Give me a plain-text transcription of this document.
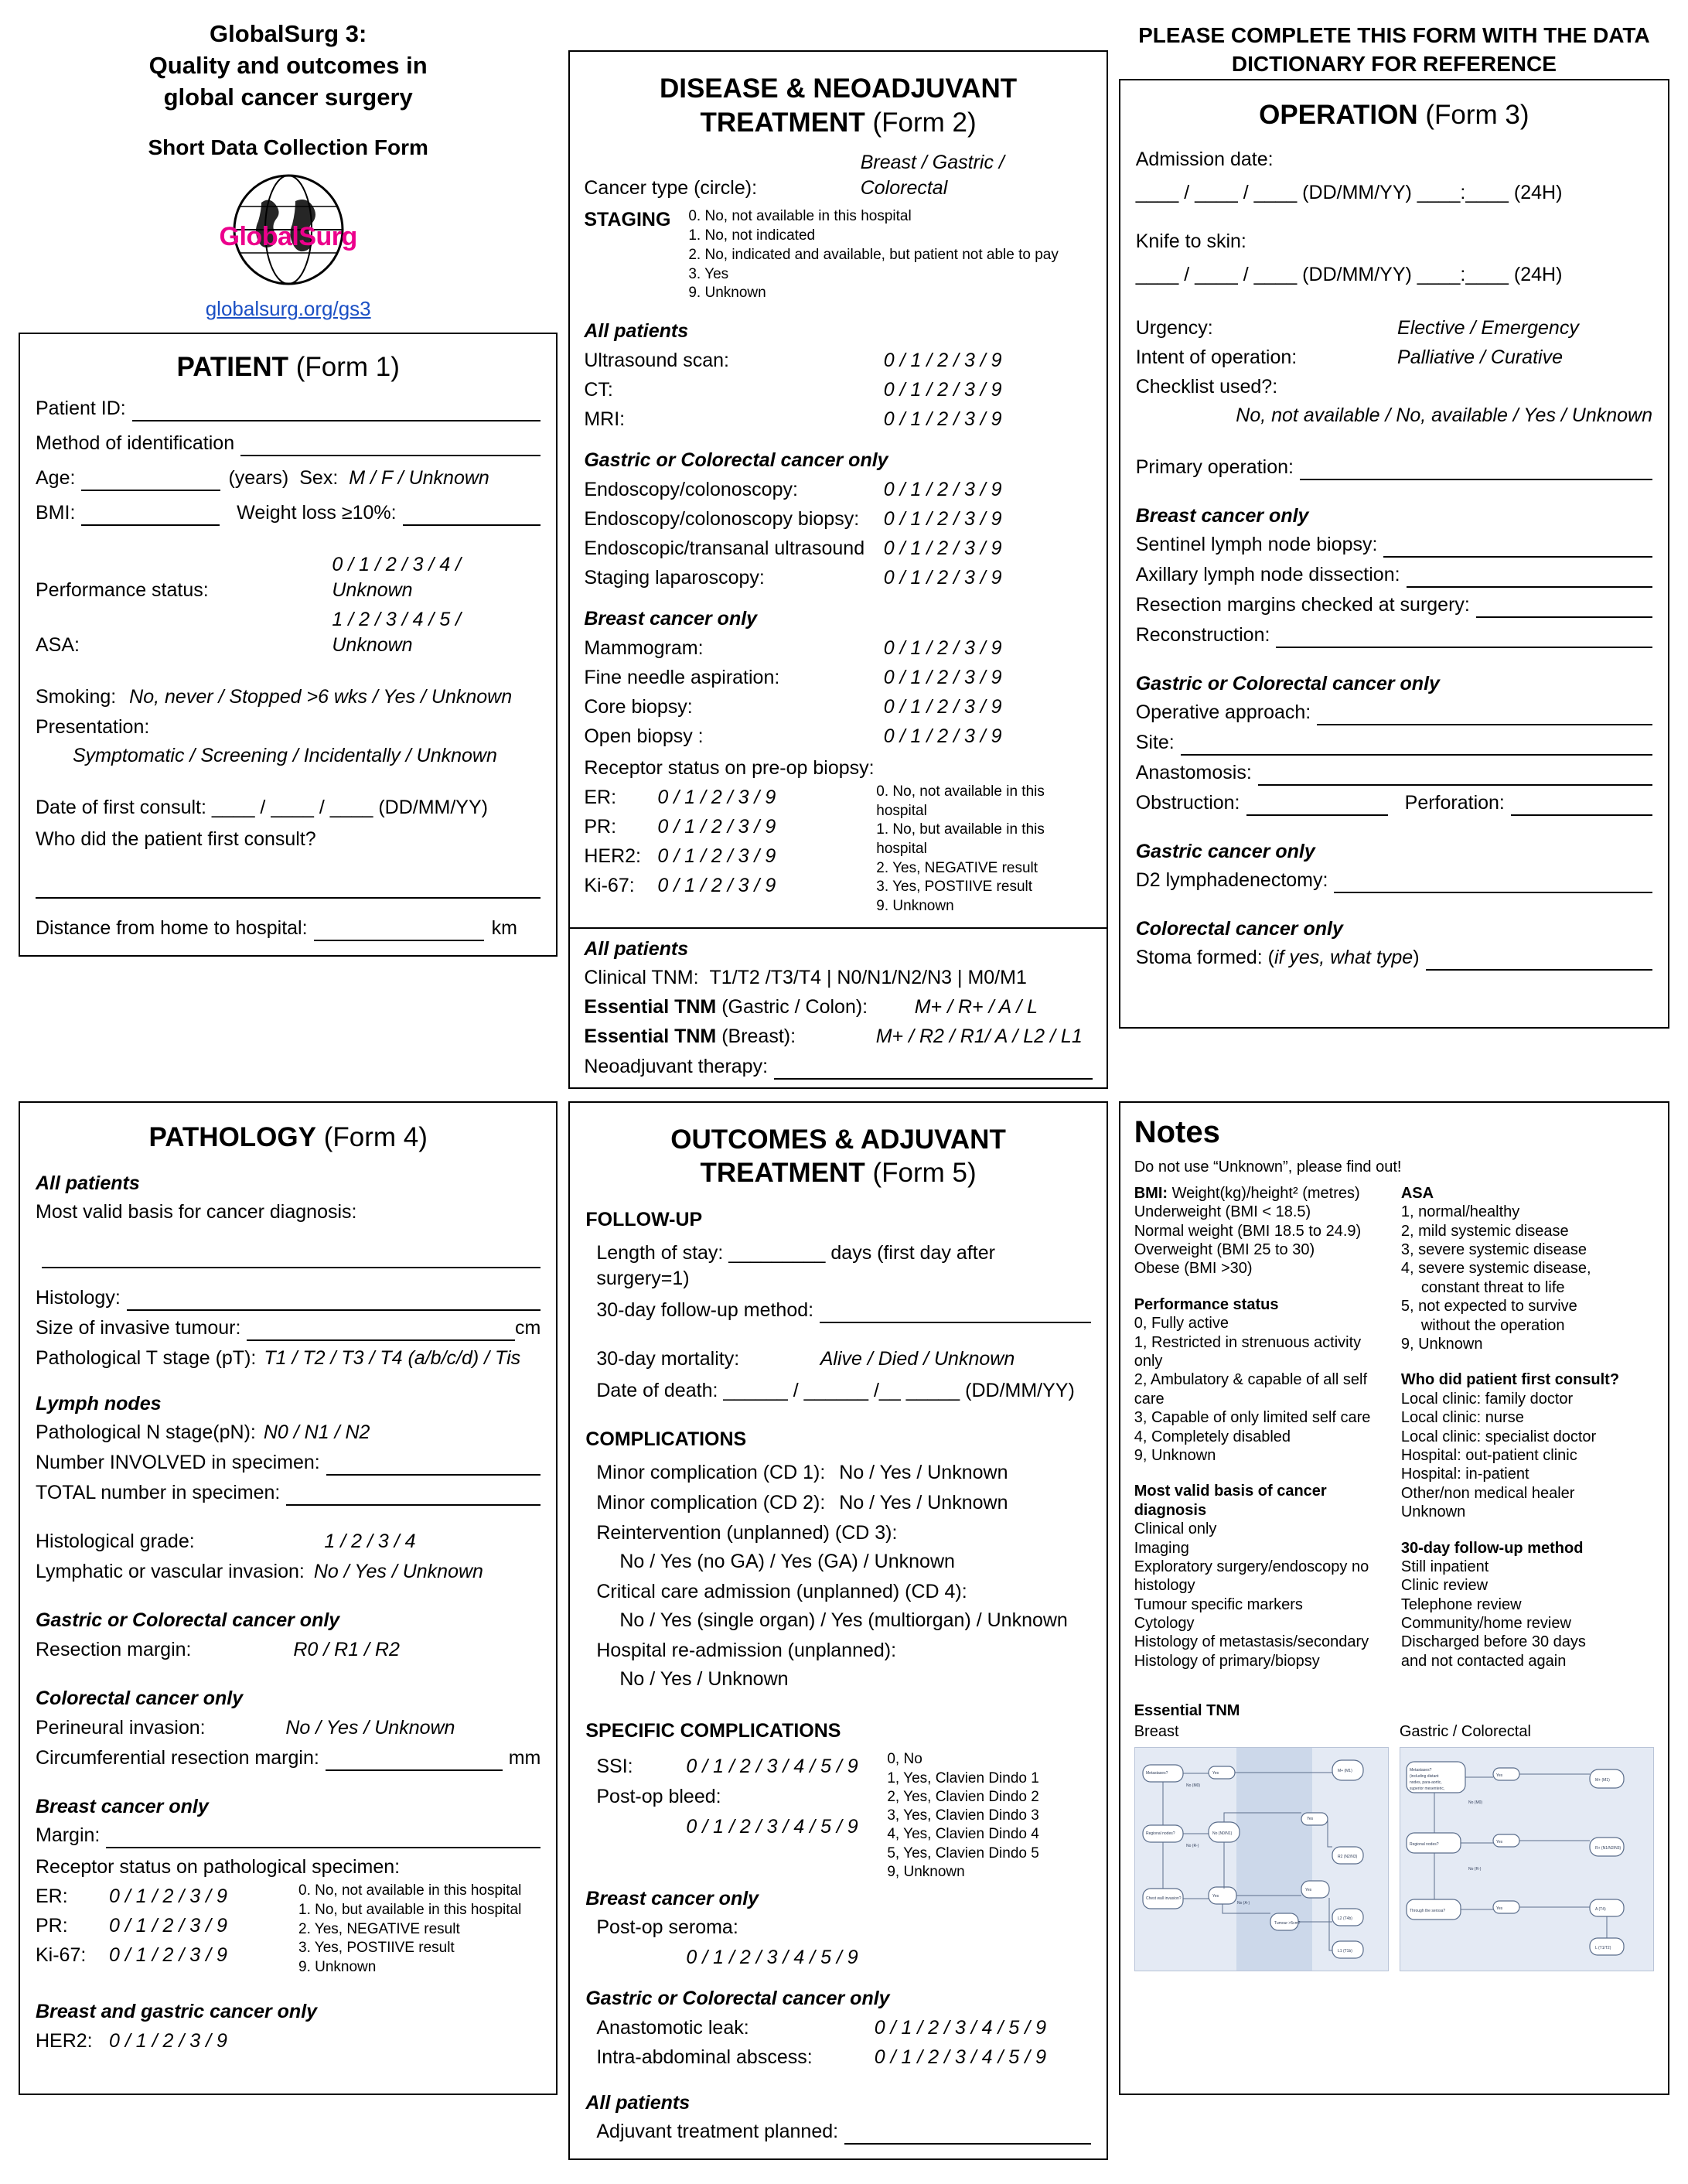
GlobalSurg 3:
Quality and outcomes in
global cancer surgery
Short Data Collection Form
GlobalSurg
globalsurg.org/gs3
PATIENT (Form 1)
Patient ID:
Method of identification
Age:	(years) Sex: M / F / Unknown
BMI:	Weight loss ≥10%:
Performance status:
0 / 1 / 2 / 3 / 4 / Unknown
ASA:
1 / 2 / 3 / 4 / 5 / Unknown
Smoking: No, never / Stopped >6 wks / Yes / Unknown
Presentation:
Symptomatic / Screening / Incidentally / Unknown
Date of first consult: ____ / ____ / ____ (DD/MM/YY)
Who did the patient first consult?
Distance from home to hospital:	km
DISEASE & NEOADJUVANT
TREATMENT (Form 2)
Cancer type (circle):
Breast / Gastric / Colorectal
STAGING	0. No, not available in this hospital
1. No, not indicated
2. No, indicated and available, but patient not able to pay
3. Yes
9. Unknown
All patients
Ultrasound scan:	0 / 1 / 2 / 3 / 9
CT:	0 / 1 / 2 / 3 / 9
MRI:	0 / 1 / 2 / 3 / 9
Gastric or Colorectal cancer only
Endoscopy/colonoscopy:	0 / 1 / 2 / 3 / 9
Endoscopy/colonoscopy biopsy: 0 / 1 / 2 / 3 / 9
Endoscopic/transanal ultrasound 0 / 1 / 2 / 3 / 9
Staging laparoscopy:	0 / 1 / 2 / 3 / 9
Breast cancer only
Mammogram:	0 / 1 / 2 / 3 / 9
Fine needle aspiration:	0 / 1 / 2 / 3 / 9
Core biopsy:	0 / 1 / 2 / 3 / 9
Open biopsy :	0 / 1 / 2 / 3 / 9
Receptor status on pre-op biopsy:
ER:	0 / 1 / 2 / 3 / 9
PR:	0 / 1 / 2 / 3 / 9
HER2: 0 / 1 / 2 / 3 / 9
Ki-67:	0 / 1 / 2 / 3 / 9
0. No, not available in this hospital
1. No, but available in this hospital
2. Yes, NEGATIVE result
3. Yes, POSTIIVE result
9. Unknown
All patients
Clinical TNM: T1/T2 /T3/T4 | N0/N1/N2/N3 | M0/M1
Essential TNM (Gastric / Colon): M+ / R+ / A / L
Essential TNM (Breast):	M+ / R2 / R1/ A / L2 / L1
Neoadjuvant therapy:
PLEASE COMPLETE THIS FORM WITH THE DATA DICTIONARY FOR REFERENCE
OPERATION (Form 3)
Admission date:
____ / ____ / ____ (DD/MM/YY) ____:____ (24H)
Knife to skin:
____ / ____ / ____ (DD/MM/YY) ____:____ (24H)
Urgency:	Elective / Emergency
Intent of operation:	Palliative / Curative
Checklist used?:
No, not available / No, available / Yes / Unknown
Primary operation:
Breast cancer only
Sentinel lymph node biopsy:
Axillary lymph node dissection:
Resection margins checked at surgery:
Reconstruction:
Gastric or Colorectal cancer only
Operative approach:
Site:
Anastomosis:
Obstruction:	Perforation:
Gastric cancer only
D2 lymphadenectomy:
Colorectal cancer only
Stoma formed: (if yes, what type)
PATHOLOGY (Form 4)
All patients
Most valid basis for cancer diagnosis:
Histology:
Size of invasive tumour:	cm
Pathological T stage (pT): T1 / T2 / T3 / T4 (a/b/c/d) / Tis
Lymph nodes
Pathological N stage(pN): N0 / N1 / N2
Number INVOLVED in specimen:
TOTAL number in specimen:
Histological grade:	1 / 2 / 3 / 4
Lymphatic or vascular invasion: No / Yes / Unknown
Gastric or Colorectal cancer only
Resection margin:	R0 / R1 / R2
Colorectal cancer only
Perineural invasion:	No / Yes / Unknown
Circumferential resection margin:	mm
Breast cancer only
Margin:
Receptor status on pathological specimen:
ER:	0 / 1 / 2 / 3 / 9
PR:	0 / 1 / 2 / 3 / 9
Ki-67:	0 / 1 / 2 / 3 / 9
0. No, not available in this hospital
1. No, but available in this hospital
2. Yes, NEGATIVE result
3. Yes, POSTIIVE result
9. Unknown
Breast and gastric cancer only
HER2: 0 / 1 / 2 / 3 / 9
OUTCOMES & ADJUVANT
TREATMENT (Form 5)
FOLLOW-UP
Length of stay: _________ days (first day after surgery=1)
30-day follow-up method:
30-day mortality:	Alive / Died / Unknown
Date of death: ______ / ______ /__ _____ (DD/MM/YY)
COMPLICATIONS
Minor complication (CD 1): No / Yes / Unknown
Minor complication (CD 2): No / Yes / Unknown
Reintervention (unplanned) (CD 3):
No / Yes (no GA) / Yes (GA) / Unknown
Critical care admission (unplanned) (CD 4):
No / Yes (single organ) / Yes (multiorgan) / Unknown
Hospital re-admission (unplanned):
No / Yes / Unknown
SPECIFIC COMPLICATIONS
SSI:	0 / 1 / 2 / 3 / 4 / 5 / 9
Post-op bleed:
0 / 1 / 2 / 3 / 4 / 5 / 9
0, No
1, Yes, Clavien Dindo 1
2, Yes, Clavien Dindo 2
3, Yes, Clavien Dindo 3
4, Yes, Clavien Dindo 4
5, Yes, Clavien Dindo 5
9, Unknown
Breast cancer only
Post-op seroma:
0 / 1 / 2 / 3 / 4 / 5 / 9
Gastric or Colorectal cancer only
Anastomotic leak:	0 / 1 / 2 / 3 / 4 / 5 / 9
Intra-abdominal abscess:	0 / 1 / 2 / 3 / 4 / 5 / 9
All patients
Adjuvant treatment planned:
Notes
Do not use “Unknown”, please find out!
BMI: Weight(kg)/height² (metres)
Underweight (BMI < 18.5)
Normal weight (BMI 18.5 to 24.9)
Overweight (BMI 25 to 30)
Obese (BMI >30)
Performance status
0, Fully active
1, Restricted in strenuous activity only
2, Ambulatory & capable of all self care
3, Capable of only limited self care
4, Completely disabled
9, Unknown
Most valid basis of cancer diagnosis
Clinical only
Imaging
Exploratory surgery/endoscopy no histology
Tumour specific markers
Cytology
Histology of metastasis/secondary
Histology of primary/biopsy
ASA
1, normal/healthy
2, mild systemic disease
3, severe systemic disease
4, severe systemic disease,
constant threat to life
5, not expected to survive
without the operation
9, Unknown
Who did patient first consult?
Local clinic: family doctor
Local clinic: nurse
Local clinic: specialist doctor
Hospital: out-patient clinic
Hospital: in-patient
Other/non medical healer
Unknown
30-day follow-up method
Still inpatient
Clinic review
Telephone review
Community/home review
Discharged before 30 days
and not contacted again
Essential TNM
Breast	Gastric / Colorectal
Metastases?	Yes	M+ (M1)
Regional nodes?	No (N0/N1)
Yes
R2 (N2/N3)
Chest wall invasion?	Yes
Yes
L2 (T4b)
L1 (T1b)
Tumour >5cm?
No (M0)
No (R-)
No (A-)
Metastases?
(including distant
nodes, para-aortic,
superior mesenteric,
Yes
M+ (M1)
Regional nodes?	Yes
R+ (N1/N2/N3)
Through the serosa?	Yes	A (T4)
L (T1/T2)
No (M0)
No (R-)
